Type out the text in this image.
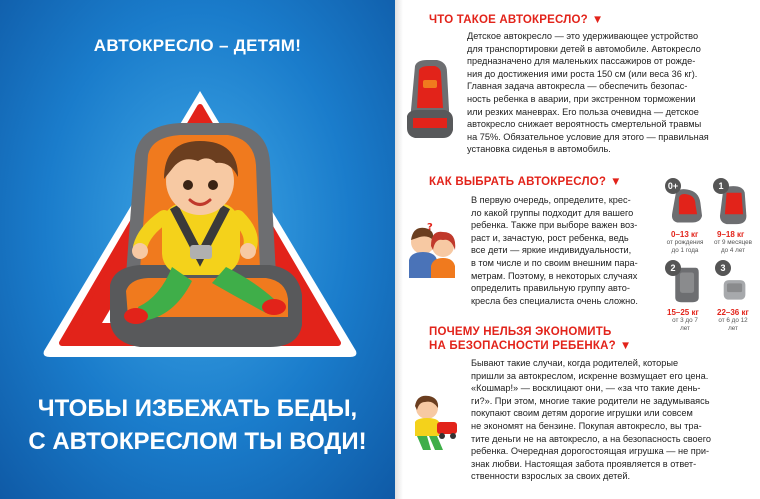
АВТОКРЕСЛО – ДЕТЯМ!
ЧТОБЫ ИЗБЕЖАТЬ БЕДЫ,
С АВТОКРЕСЛОМ ТЫ ВОДИ!
ЧТО ТАКОЕ АВТОКРЕСЛО? ▼

Детское автокресло — это удерживающее устройство

для транспортировки детей в автомобиле. Автокресло

предназначено для маленьких пассажиров от рожде-

ния до достижения ими роста 150 см (или веса 36 кг).

Главная задача автокресла — обеспечить безопас-

ность ребенка в аварии, при экстренном торможении

или резких маневрах. Его польза очевидна — детское

автокресло снижает вероятность смертельной травмы

на 75%. Обязательное условие для этого — правильная

установка сиденья в автомобиль.

КАК ВЫБРАТЬ АВТОКРЕСЛО? ▼
?

В первую очередь, определите, крес-

ло какой группы подходит для вашего

ребенка. Также при выборе важен воз-

раст и, зачастую, рост ребенка, ведь

все дети — яркие индивидуальности,

в том числе и по своим внешним пара-

метрам. Поэтому, в некоторых случаях

определить правильную группу авто-

кресла без специалиста очень сложно.

0+
0–13 кг
от рождения
до 1 года
1
9–18 кг
от 9 месяцев
до 4 лет
2
15–25 кг
от 3 до 7
лет
3
22–36 кг
от 6 до 12
лет
ПОЧЕМУ НЕЛЬЗЯ ЭКОНОМИТЬ
НА БЕЗОПАСНОСТИ РЕБЕНКА? ▼

Бывают такие случаи, когда родителей, которые

пришли за автокреслом, искренне возмущает его цена.

«Кошмар!» — восклицают они, — «за что такие день-

ги?». При этом, многие такие родители не задумываясь

покупают своим детям дорогие игрушки или совсем

не экономят на бензине. Покупая автокресло, вы тра-

тите деньги не на автокресло, а на безопасность своего

ребенка. Очередная дорогостоящая игрушка — не при-

знак любви. Настоящая забота проявляется в ответ-

ственности взрослых за своих детей.
